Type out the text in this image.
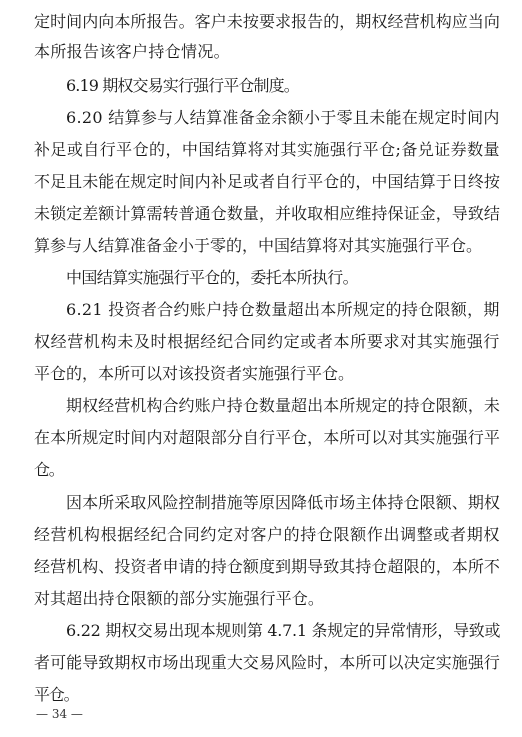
定时间内向本所报告。客户未按要求报告的，期权经营机构应当向
本所报告该客户持仓情况。
6.19 期权交易实行强行平仓制度。
6.20 结算参与人结算准备金余额小于零且未能在规定时间内
补足或自行平仓的，中国结算将对其实施强行平仓;备兑证券数量
不足且未能在规定时间内补足或者自行平仓的，中国结算于日终按
未锁定差额计算需转普通仓数量，并收取相应维持保证金，导致结
算参与人结算准备金小于零的，中国结算将对其实施强行平仓。
中国结算实施强行平仓的，委托本所执行。
6.21 投资者合约账户持仓数量超出本所规定的持仓限额，期
权经营机构未及时根据经纪合同约定或者本所要求对其实施强行
平仓的，本所可以对该投资者实施强行平仓。
期权经营机构合约账户持仓数量超出本所规定的持仓限额，未
在本所规定时间内对超限部分自行平仓，本所可以对其实施强行平
仓。
因本所采取风险控制措施等原因降低市场主体持仓限额、期权
经营机构根据经纪合同约定对客户的持仓限额作出调整或者期权
经营机构、投资者申请的持仓额度到期导致其持仓超限的，本所不
对其超出持仓限额的部分实施强行平仓。
6.22 期权交易出现本规则第 4.7.1 条规定的异常情形，导致或
者可能导致期权市场出现重大交易风险时，本所可以决定实施强行
平仓。
— 34 —
